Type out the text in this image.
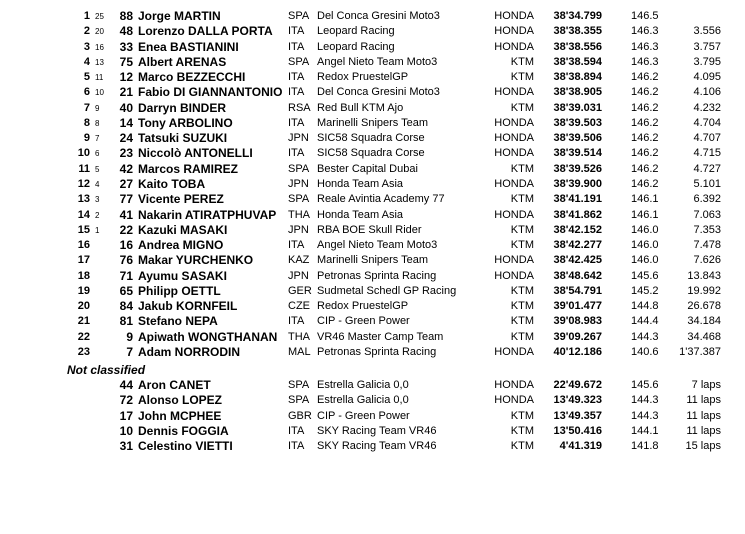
1 25	88 Jorge MARTIN	SPA Del Conca Gresini Moto3	HONDA 38'34.799	146.5
2 20	48 Lorenzo DALLA PORTA ITA Leopard Racing	HONDA 38'38.355	146.3	3.556
3 16	33 Enea BASTIANINI	ITA Leopard Racing	HONDA 38'38.556	146.3	3.757
4 13	75 Albert ARENAS	SPA Angel Nieto Team Moto3	KTM 38'38.594	146.3	3.795
5 11	12 Marco BEZZECCHI	ITA Redox PruestelGP	KTM 38'38.894	146.2	4.095
6 10	21 Fabio DI GIANNANTONIO ITA Del Conca Gresini Moto3	HONDA 38'38.905	146.2	4.106
7 9	40 Darryn BINDER	RSA Red Bull KTM Ajo	KTM 38'39.031	146.2	4.232
8 8	14 Tony ARBOLINO	ITA Marinelli Snipers Team	HONDA 38'39.503	146.2	4.704
9 7	24 Tatsuki SUZUKI	JPN SIC58 Squadra Corse	HONDA 38'39.506	146.2	4.707
10 6	23 Niccolò ANTONELLI	ITA SIC58 Squadra Corse	HONDA 38'39.514	146.2	4.715
11 5	42 Marcos RAMIREZ	SPA Bester Capital Dubai	KTM 38'39.526	146.2	4.727
12 4	27 Kaito TOBA	JPN Honda Team Asia	HONDA 38'39.900	146.2	5.101
13 3	77 Vicente PEREZ	SPA Reale Avintia Academy 77	KTM 38'41.191	146.1	6.392
14 2	41 Nakarin ATIRATPHUVAP THA Honda Team Asia	HONDA 38'41.862	146.1	7.063
15 1	22 Kazuki MASAKI	JPN RBA BOE Skull Rider	KTM 38'42.152	146.0	7.353
16	16 Andrea MIGNO	ITA Angel Nieto Team Moto3	KTM 38'42.277	146.0	7.478
17	76 Makar YURCHENKO	KAZ Marinelli Snipers Team	HONDA 38'42.425	146.0	7.626
18	71 Ayumu SASAKI	JPN Petronas Sprinta Racing	HONDA 38'48.642	145.6	13.843
19	65 Philipp OETTL	GER Sudmetal Schedl GP Racing	KTM 38'54.791	145.2	19.992
20	84 Jakub KORNFEIL	CZE Redox PruestelGP	KTM 39'01.477	144.8	26.678
21	81 Stefano NEPA	ITA CIP - Green Power	KTM 39'08.983	144.4	34.184
22	9 Apiwath WONGTHANAN THA VR46 Master Camp Team	KTM 39'09.267	144.3	34.468
23	7 Adam NORRODIN	MAL Petronas Sprinta Racing	HONDA 40'12.186	140.6 1'37.387
Not classified
44 Aron CANET	SPA Estrella Galicia 0,0	HONDA 22'49.672	145.6	7 laps
72 Alonso LOPEZ	SPA Estrella Galicia 0,0	HONDA 13'49.323	144.3	11 laps
17 John MCPHEE	GBR CIP - Green Power	KTM 13'49.357	144.3	11 laps
10 Dennis FOGGIA	ITA SKY Racing Team VR46	KTM 13'50.416	144.1	11 laps
31 Celestino VIETTI	ITA SKY Racing Team VR46	KTM 4'41.319	141.8 15 laps
